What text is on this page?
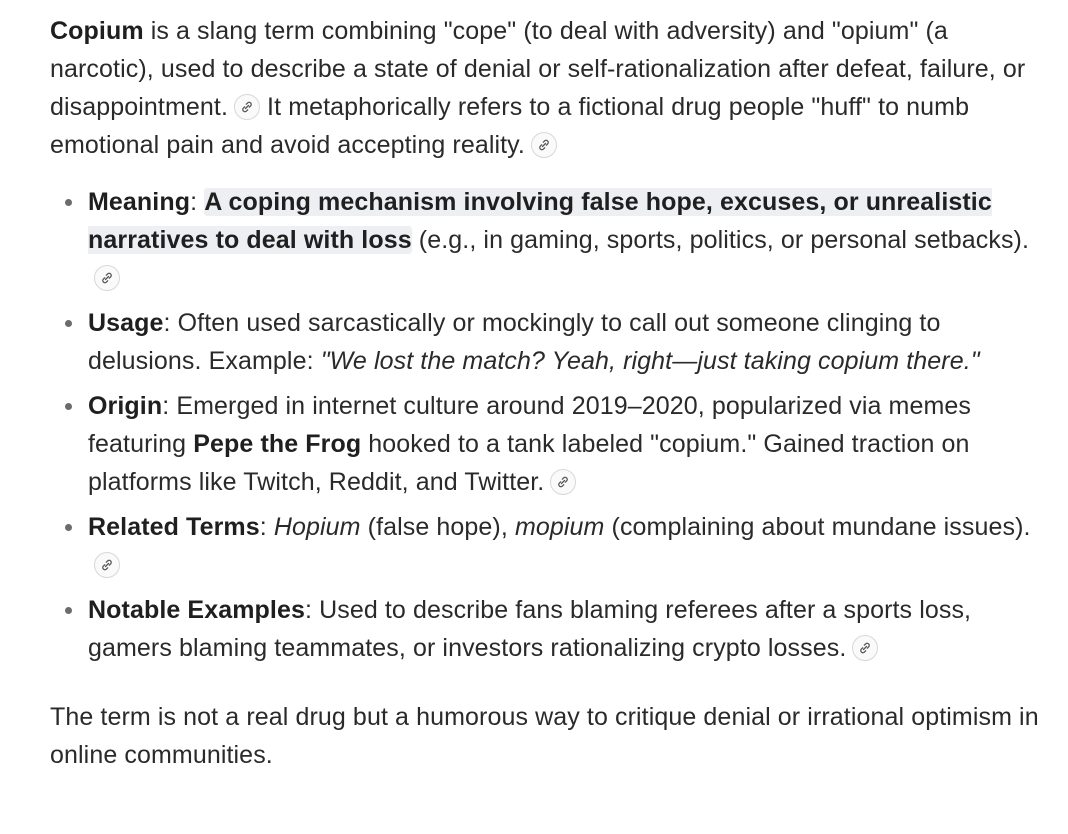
Copium is a slang term combining "cope" (to deal with adversity) and "opium" (a narcotic), used to describe a state of denial or self-rationalization after defeat, failure, or disappointment.
It metaphorically refers to a fictional drug people "huff" to numb emotional pain and avoid accepting reality.

Meaning: A coping mechanism involving false hope, excuses, or unrealistic narratives to deal with loss (e.g., in gaming, sports, politics, or personal setbacks).
Usage: Often used sarcastically or mockingly to call out someone clinging to delusions. Example: "We lost the match? Yeah, right—just taking copium there."
Origin: Emerged in internet culture around 2019–2020, popularized via memes featuring Pepe the Frog hooked to a tank labeled "copium." Gained traction on platforms like Twitch, Reddit, and Twitter.
Related Terms: Hopium (false hope), mopium (complaining about mundane issues).
Notable Examples: Used to describe fans blaming referees after a sports loss, gamers blaming teammates, or investors rationalizing crypto losses.

The term is not a real drug but a humorous way to critique denial or irrational optimism in online communities.
